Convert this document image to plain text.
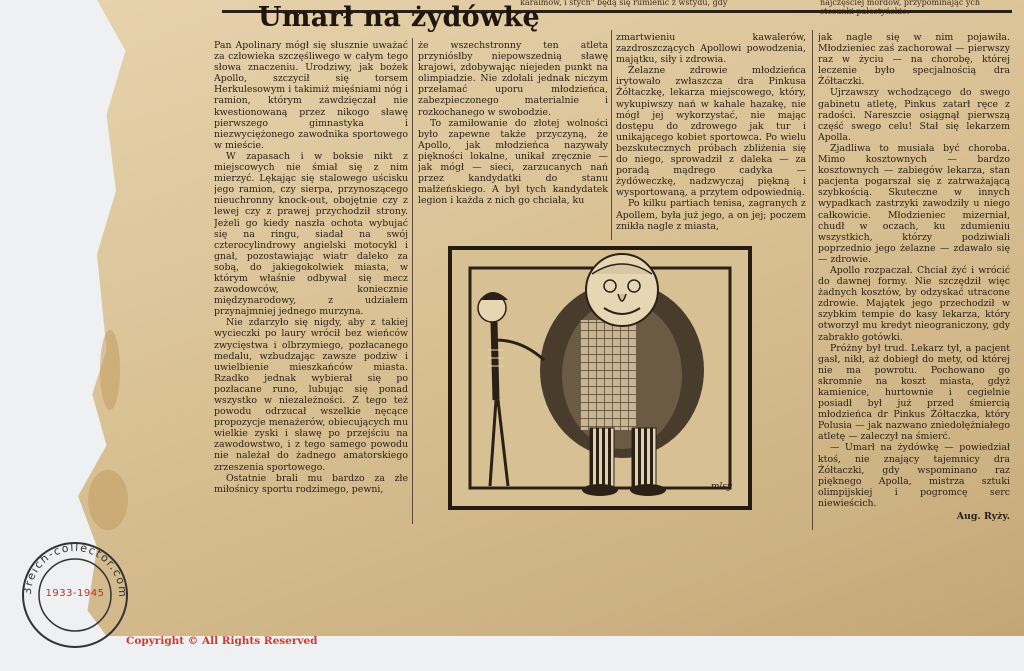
karaimów, i stych" będą się rumienić z wstydu, gdy	najczęściej mordów, przypominając ych
Umarł na żydówkę

Pan Apolinary mógł się słusznie uważać za człowieka szczęśliwego w całym tego słowa znaczeniu. Urodziwy, jak bożek Apollo, szczycił się torsem Herkulesowym i takimiż mięśniami nóg i ramion, którym zawdzięczał nie kwestionowaną przez nikogo sławę pierwszego gimnastyka i niezwyciężonego zawodnika sportowego w mieście.

W zapasach i w boksie nikt z miejscowych nie śmiał się z nim mierzyć. Lękając się stalowego uścisku jego ramion, czy sierpa, przynoszącego nieuchronny knock-out, obojętnie czy z lewej czy z prawej przychodził strony. Jeżeli go kiedy naszła ochota wybujać się na ringu, siadał na swój czterocylindrowy angielski motocykl i gnał, pozostawiając wiatr daleko za sobą, do jakiegokolwiek miasta, w którym właśnie odbywał się mecz zawodowców, koniecznie międzynarodowy, z udziałem przynajmniej jednego murzyna.

Nie zdarzyło się nigdy, aby z takiej wycieczki po laury wrócił bez wieńców zwycięstwa i olbrzymiego, pozłacanego medalu, wzbudzając zawsze podziw i uwielbienie mieszkańców miasta. Rzadko jednak wybierał się po pozłacane runo, lubując się ponad wszystko w niezależności. Z tego też powodu odrzucał wszelkie nęcące propozycje menażerów, obiecujących mu wielkie zyski i sławę po przejściu na zawodowstwo, i z tego samego powodu nie należał do żadnego amatorskiego zrzeszenia sportowego.

Ostatnie brali mu bardzo za złe miłośnicy sportu rodzimego, pewni,

że wszechstronny ten atleta przyniósłby niepowszednią sławę krajowi, zdobywając niejeden punkt na olimpiadzie. Nie zdołali jednak niczym przełamać uporu młodzieńca, zabezpieczonego materialnie i rozkochanego w swobodzie.

To zamiłowanie do złotej wolności było zapewne także przyczyną, że Apollo, jak młodzieńca nazywały piękności lokalne, unikał zręcznie — jak mógł — sieci, zarzucanych nań przez kandydatki do stanu małżeńskiego. A był tych kandydatek legion i każda z nich go chciała, ku

zmartwieniu kawalerów, zazdroszczących Apollowi powodzenia, majątku, siły i zdrowia.

Żelazne zdrowie młodzieńca irytowało zwłaszcza dra Pinkusa Żółtaczkę, lekarza miejscowego, który, wykupiwszy nań w kahale hazakę, nie mógł jej wykorzystać, nie mając dostępu do zdrowego jak tur i unikającego kobiet sportowca. Po wielu bezskutecznych próbach zbliżenia się do niego, sprowadził z daleka — za poradą mądrego cadyka — żydóweczkę, nadzwyczaj piękną i wysportowaną, a przytem odpowiednią.

Po kilku partiach tenisa, zagranych z Apollem, była już jego, a on jej; poczem znikła nagle z miasta,

jak nagle się w nim pojawiła. Młodzieniec zaś zachorował — pierwszy raz w życiu — na chorobę, której leczenie było specjalnością dra Żółtaczki.

Ujrzawszy wchodzącego do swego gabinetu atletę, Pinkus zatarł ręce z radości. Nareszcie osiągnął pierwszą część swego celu! Stał się lekarzem Apolla.

Zjadliwa to musiała być choroba. Mimo kosztownych — bardzo kosztownych — zabiegów lekarza, stan pacjenta pogarszał się z zatrważającą szybkością. Skuteczne w innych wypadkach zastrzyki zawodziły u niego całkowicie. Młodzieniec mizerniał, chudł w oczach, ku zdumieniu wszystkich, którzy podziwiali poprzednio jego żelazne — zdawało się — zdrowie.

Apollo rozpaczał. Chciał żyć i wrócić do dawnej formy. Nie szczędził więc żadnych kosztów, by odzyskać utracone zdrowie. Majątek jego przechodził w szybkim tempie do kasy lekarza, który otworzył mu kredyt nieograniczony, gdy zabrakło gotówki.

Próżny był trud. Lekarz tył, a pacjent gasł, nikł, aż dobiegł do mety, od której nie ma powrotu. Pochowano go skromnie na koszt miasta, gdyż kamienice, hurtownie i cegielnie posiadł był już przed śmiercią młodzieńca dr Pinkus Żółtaczka, który Polusia — jak nazwano zniedołężniałego atletę — zaleczył na śmierć.

— Umarł na żydówkę — powiedział ktoś, nie znający tajemnicy dra Żółtaczki, gdy wspominano raz pięknego Apolla, mistrza sztuki olimpijskiej i pogromcę serc niewieścich.

Aug. Ryży.

mlsy
3reich-collector.com
1933-1945
Copyright © All Rights Reserved
